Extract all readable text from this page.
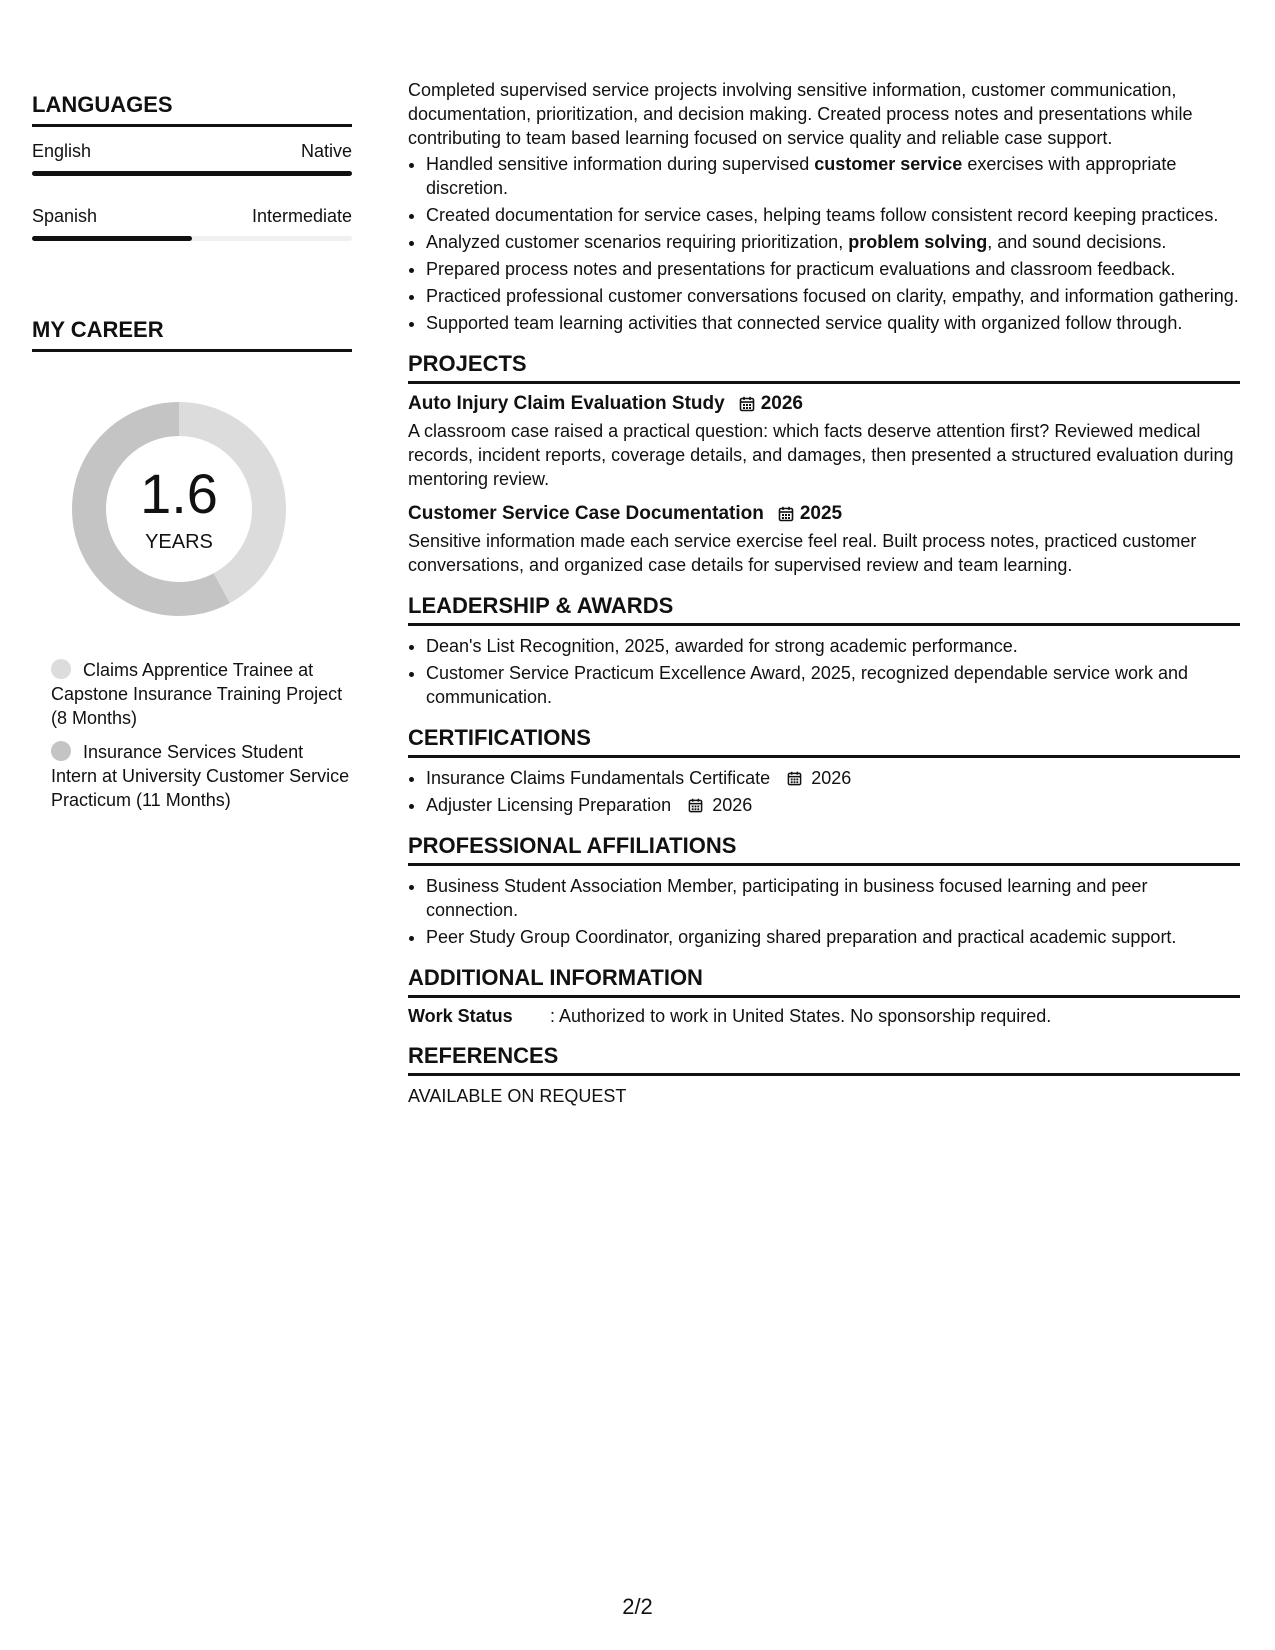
LANGUAGES
English	Native
Spanish	Intermediate
MY CAREER
1.6
YEARS
Claims Apprentice Trainee at Capstone Insurance Training Project (8 Months)
Insurance Services Student Intern at University Customer Service Practicum (11 Months)

Completed supervised service projects involving sensitive information, customer communication, documentation, prioritization, and decision making. Created process notes and presentations while contributing to team based learning focused on service quality and reliable case support.

• Handled sensitive information during supervised customer service exercises with appropriate discretion.
• Created documentation for service cases, helping teams follow consistent record keeping practices.
• Analyzed customer scenarios requiring prioritization, problem solving, and sound decisions.
• Prepared process notes and presentations for practicum evaluations and classroom feedback.
• Practiced professional customer conversations focused on clarity, empathy, and information gathering.
• Supported team learning activities that connected service quality with organized follow through.
PROJECTS
Auto Injury Claim Evaluation Study 2026

A classroom case raised a practical question: which facts deserve attention first? Reviewed medical records, incident reports, coverage details, and damages, then presented a structured evaluation during mentoring review.

Customer Service Case Documentation 2025

Sensitive information made each service exercise feel real. Built process notes, practiced customer conversations, and organized case details for supervised review and team learning.

LEADERSHIP & AWARDS
• Dean's List Recognition, 2025, awarded for strong academic performance.
• Customer Service Practicum Excellence Award, 2025, recognized dependable service work and communication.
CERTIFICATIONS
• Insurance Claims Fundamentals Certificate 2026
• Adjuster Licensing Preparation 2026
PROFESSIONAL AFFILIATIONS
• Business Student Association Member, participating in business focused learning and peer connection.
• Peer Study Group Coordinator, organizing shared preparation and practical academic support.
ADDITIONAL INFORMATION
Work Status	: Authorized to work in United States. No sponsorship required.
REFERENCES
AVAILABLE ON REQUEST
2/2
